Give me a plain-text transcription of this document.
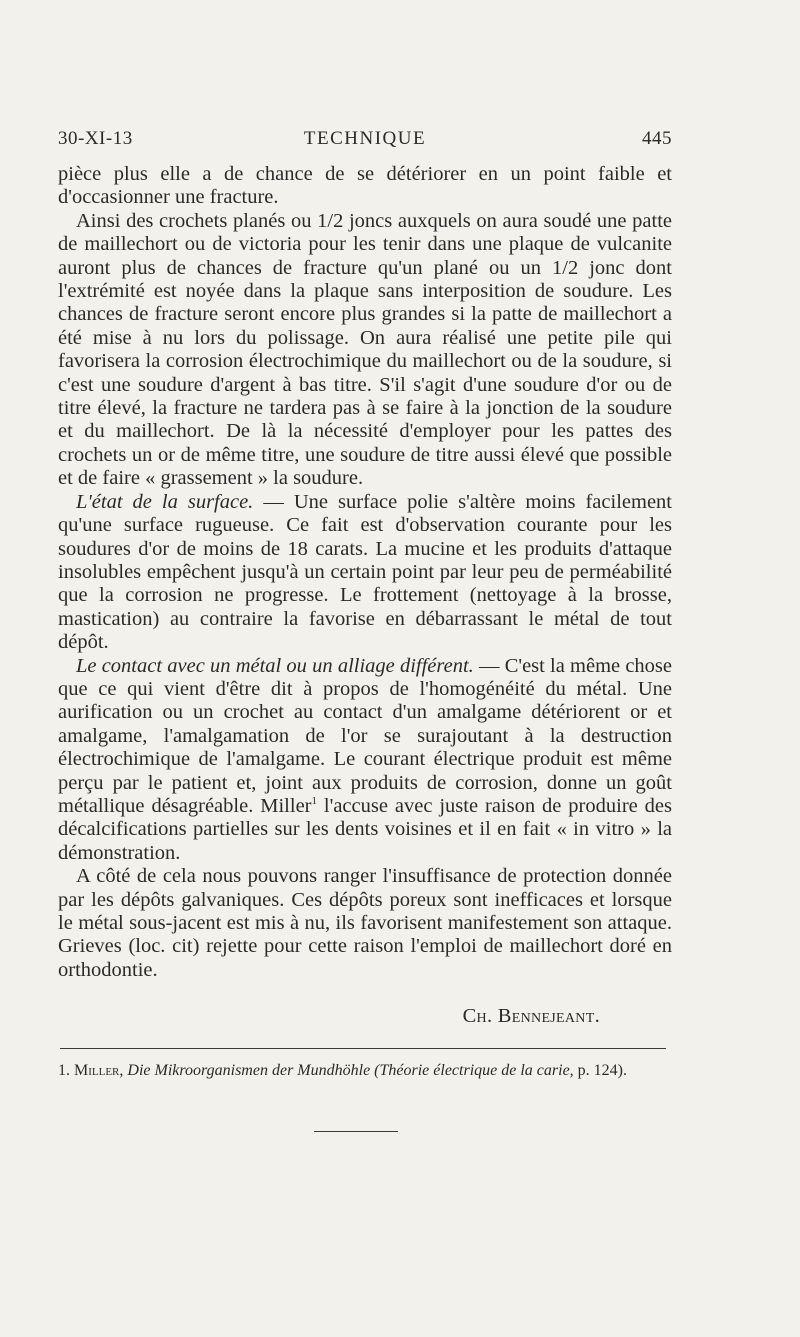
TECHNIQUE
30-XI-13	445

pièce plus elle a de chance de se détériorer en un point faible et d'occasionner une fracture.

Ainsi des crochets planés ou 1/2 joncs auxquels on aura soudé une patte de maillechort ou de victoria pour les tenir dans une plaque de vulcanite auront plus de chances de fracture qu'un plané ou un 1/2 jonc dont l'extrémité est noyée dans la plaque sans interposition de soudure. Les chances de fracture seront encore plus grandes si la patte de maillechort a été mise à nu lors du polissage. On aura réalisé une petite pile qui favorisera la corrosion électrochimique du maillechort ou de la soudure, si c'est une soudure d'argent à bas titre. S'il s'agit d'une soudure d'or ou de titre élevé, la fracture ne tardera pas à se faire à la jonction de la soudure et du maillechort. De là la nécessité d'employer pour les pattes des crochets un or de même titre, une soudure de titre aussi élevé que possible et de faire « grassement » la soudure.

L'état de la surface. — Une surface polie s'altère moins facilement qu'une surface rugueuse. Ce fait est d'observation courante pour les soudures d'or de moins de 18 carats. La mucine et les produits d'attaque insolubles empêchent jusqu'à un certain point par leur peu de perméabilité que la corrosion ne progresse. Le frottement (nettoyage à la brosse, mastication) au contraire la favorise en débarrassant le métal de tout dépôt.

Le contact avec un métal ou un alliage différent. — C'est la même chose que ce qui vient d'être dit à propos de l'homogénéité du métal. Une aurification ou un crochet au contact d'un amalgame détériorent or et amalgame, l'amalgamation de l'or se surajoutant à la destruction électrochimique de l'amalgame. Le courant électrique produit est même perçu par le patient et, joint aux produits de corrosion, donne un goût métallique désagréable. Miller$^1$ l'accuse avec juste raison de produire des décalcifications partielles sur les dents voisines et il en fait « in vitro » la démonstration.

A côté de cela nous pouvons ranger l'insuffisance de protection donnée par les dépôts galvaniques. Ces dépôts poreux sont inefficaces et lorsque le métal sous-jacent est mis à nu, ils favorisent manifestement son attaque. Grieves (loc. cit) rejette pour cette raison l'emploi de maillechort doré en orthodontie.

Ch. Bennejeant.
1. Miller, Die Mikroorganismen der Mundhöhle (Théorie électrique de la carie, p. 124).
